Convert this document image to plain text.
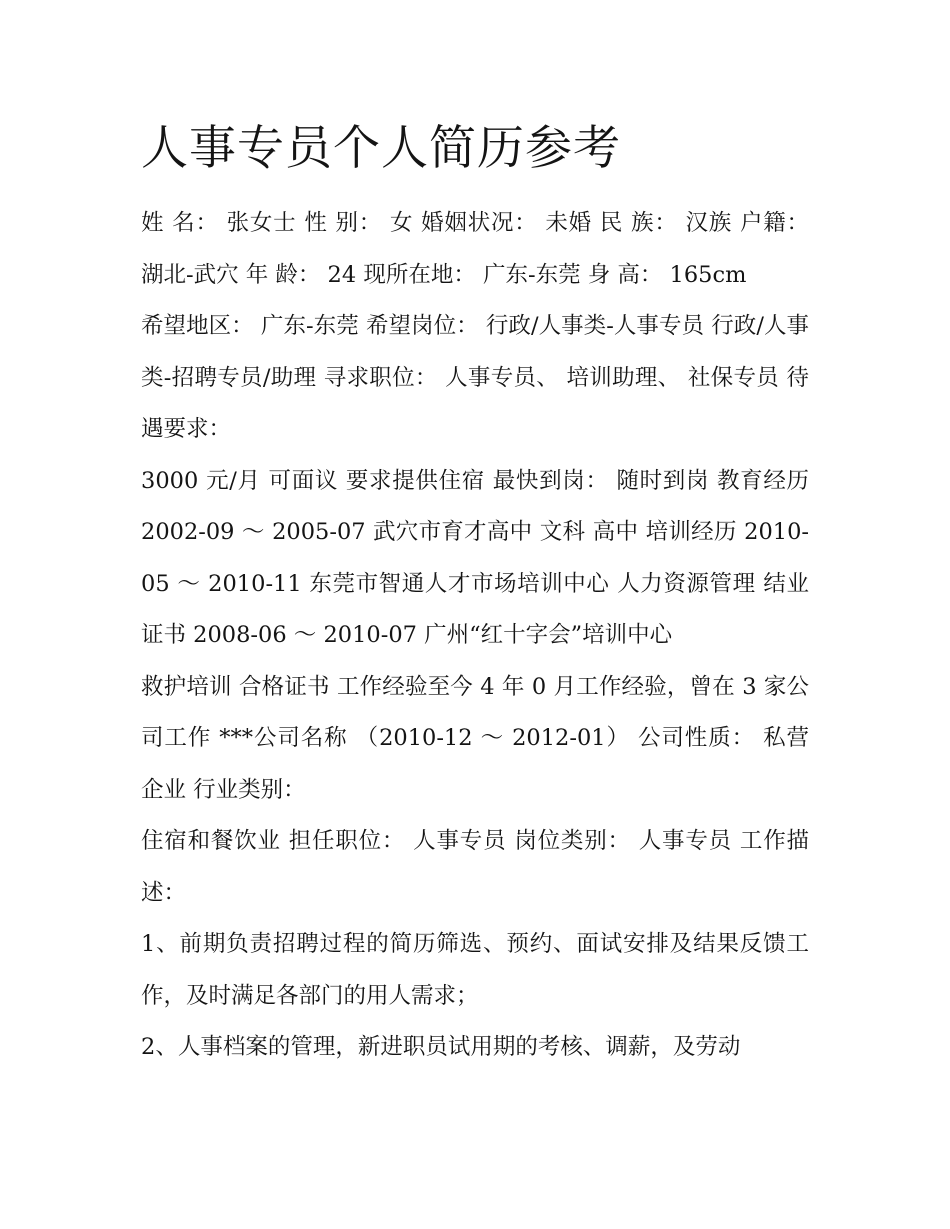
人事专员个人简历参考

姓 名： 张女士 性 别： 女 婚姻状况： 未婚 民 族： 汉族 户籍： 湖北-武穴 年 龄： 24 现所在地： 广东-东莞 身 高： 165cm

希望地区： 广东-东莞 希望岗位： 行政/人事类-人事专员 行政/人事类-招聘专员/助理 寻求职位： 人事专员、 培训助理、 社保专员 待遇要求：

3000 元/月 可面议 要求提供住宿 最快到岗： 随时到岗 教育经历 2002-09 ～ 2005-07 武穴市育才高中 文科 高中 培训经历 2010-05 ～ 2010-11 东莞市智通人才市场培训中心 人力资源管理 结业证书 2008-06 ～ 2010-07 广州“红十字会”培训中心

救护培训 合格证书 工作经验至今 4 年 0 月工作经验，曾在 3 家公司工作 ***公司名称 （2010-12 ～ 2012-01） 公司性质： 私营企业 行业类别：

住宿和餐饮业 担任职位： 人事专员 岗位类别： 人事专员 工作描述：

1、前期负责招聘过程的简历筛选、预约、面试安排及结果反馈工作，及时满足各部门的用人需求；

2、人事档案的管理，新进职员试用期的考核、调薪，及劳动
